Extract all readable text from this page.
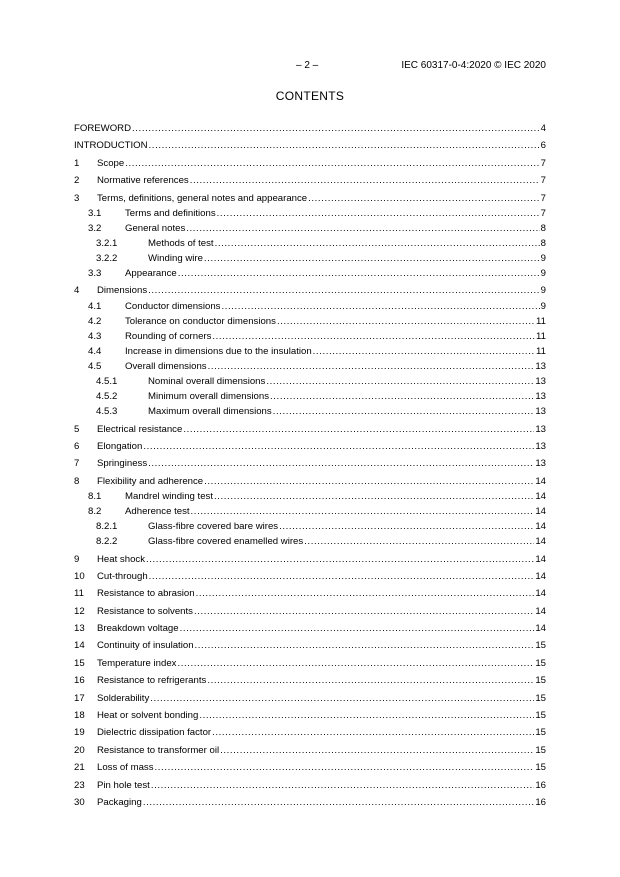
– 2 –	IEC 60317-0-4:2020 © IEC 2020
CONTENTS
FOREWORD .....	4
INTRODUCTION .....	6
1	Scope .....	7
2	Normative references .....	7
3	Terms, definitions, general notes and appearance .....	7
3.1	Terms and definitions .....	7
3.2	General notes .....	8
3.2.1	Methods of test .....	8
3.2.2	Winding wire .....	9
3.3	Appearance .....	9
4	Dimensions .....	9
4.1	Conductor dimensions .....	9
4.2	Tolerance on conductor dimensions .....	11
4.3	Rounding of corners .....	11
4.4	Increase in dimensions due to the insulation .....	11
4.5	Overall dimensions .....	13
4.5.1	Nominal overall dimensions .....	13
4.5.2	Minimum overall dimensions .....	13
4.5.3	Maximum overall dimensions .....	13
5	Electrical resistance .....	13
6	Elongation .....	13
7	Springiness .....	13
8	Flexibility and adherence .....	14
8.1	Mandrel winding test .....	14
8.2	Adherence test .....	14
8.2.1	Glass-fibre covered bare wires .....	14
8.2.2	Glass-fibre covered enamelled wires .....	14
9	Heat shock .....	14
10	Cut-through .....	14
11	Resistance to abrasion .....	14
12	Resistance to solvents .....	14
13	Breakdown voltage .....	14
14	Continuity of insulation .....	15
15	Temperature index .....	15
16	Resistance to refrigerants .....	15
17	Solderability .....	15
18	Heat or solvent bonding .....	15
19	Dielectric dissipation factor .....	15
20	Resistance to transformer oil .....	15
21	Loss of mass .....	15
23	Pin hole test .....	16
30	Packaging .....	16
